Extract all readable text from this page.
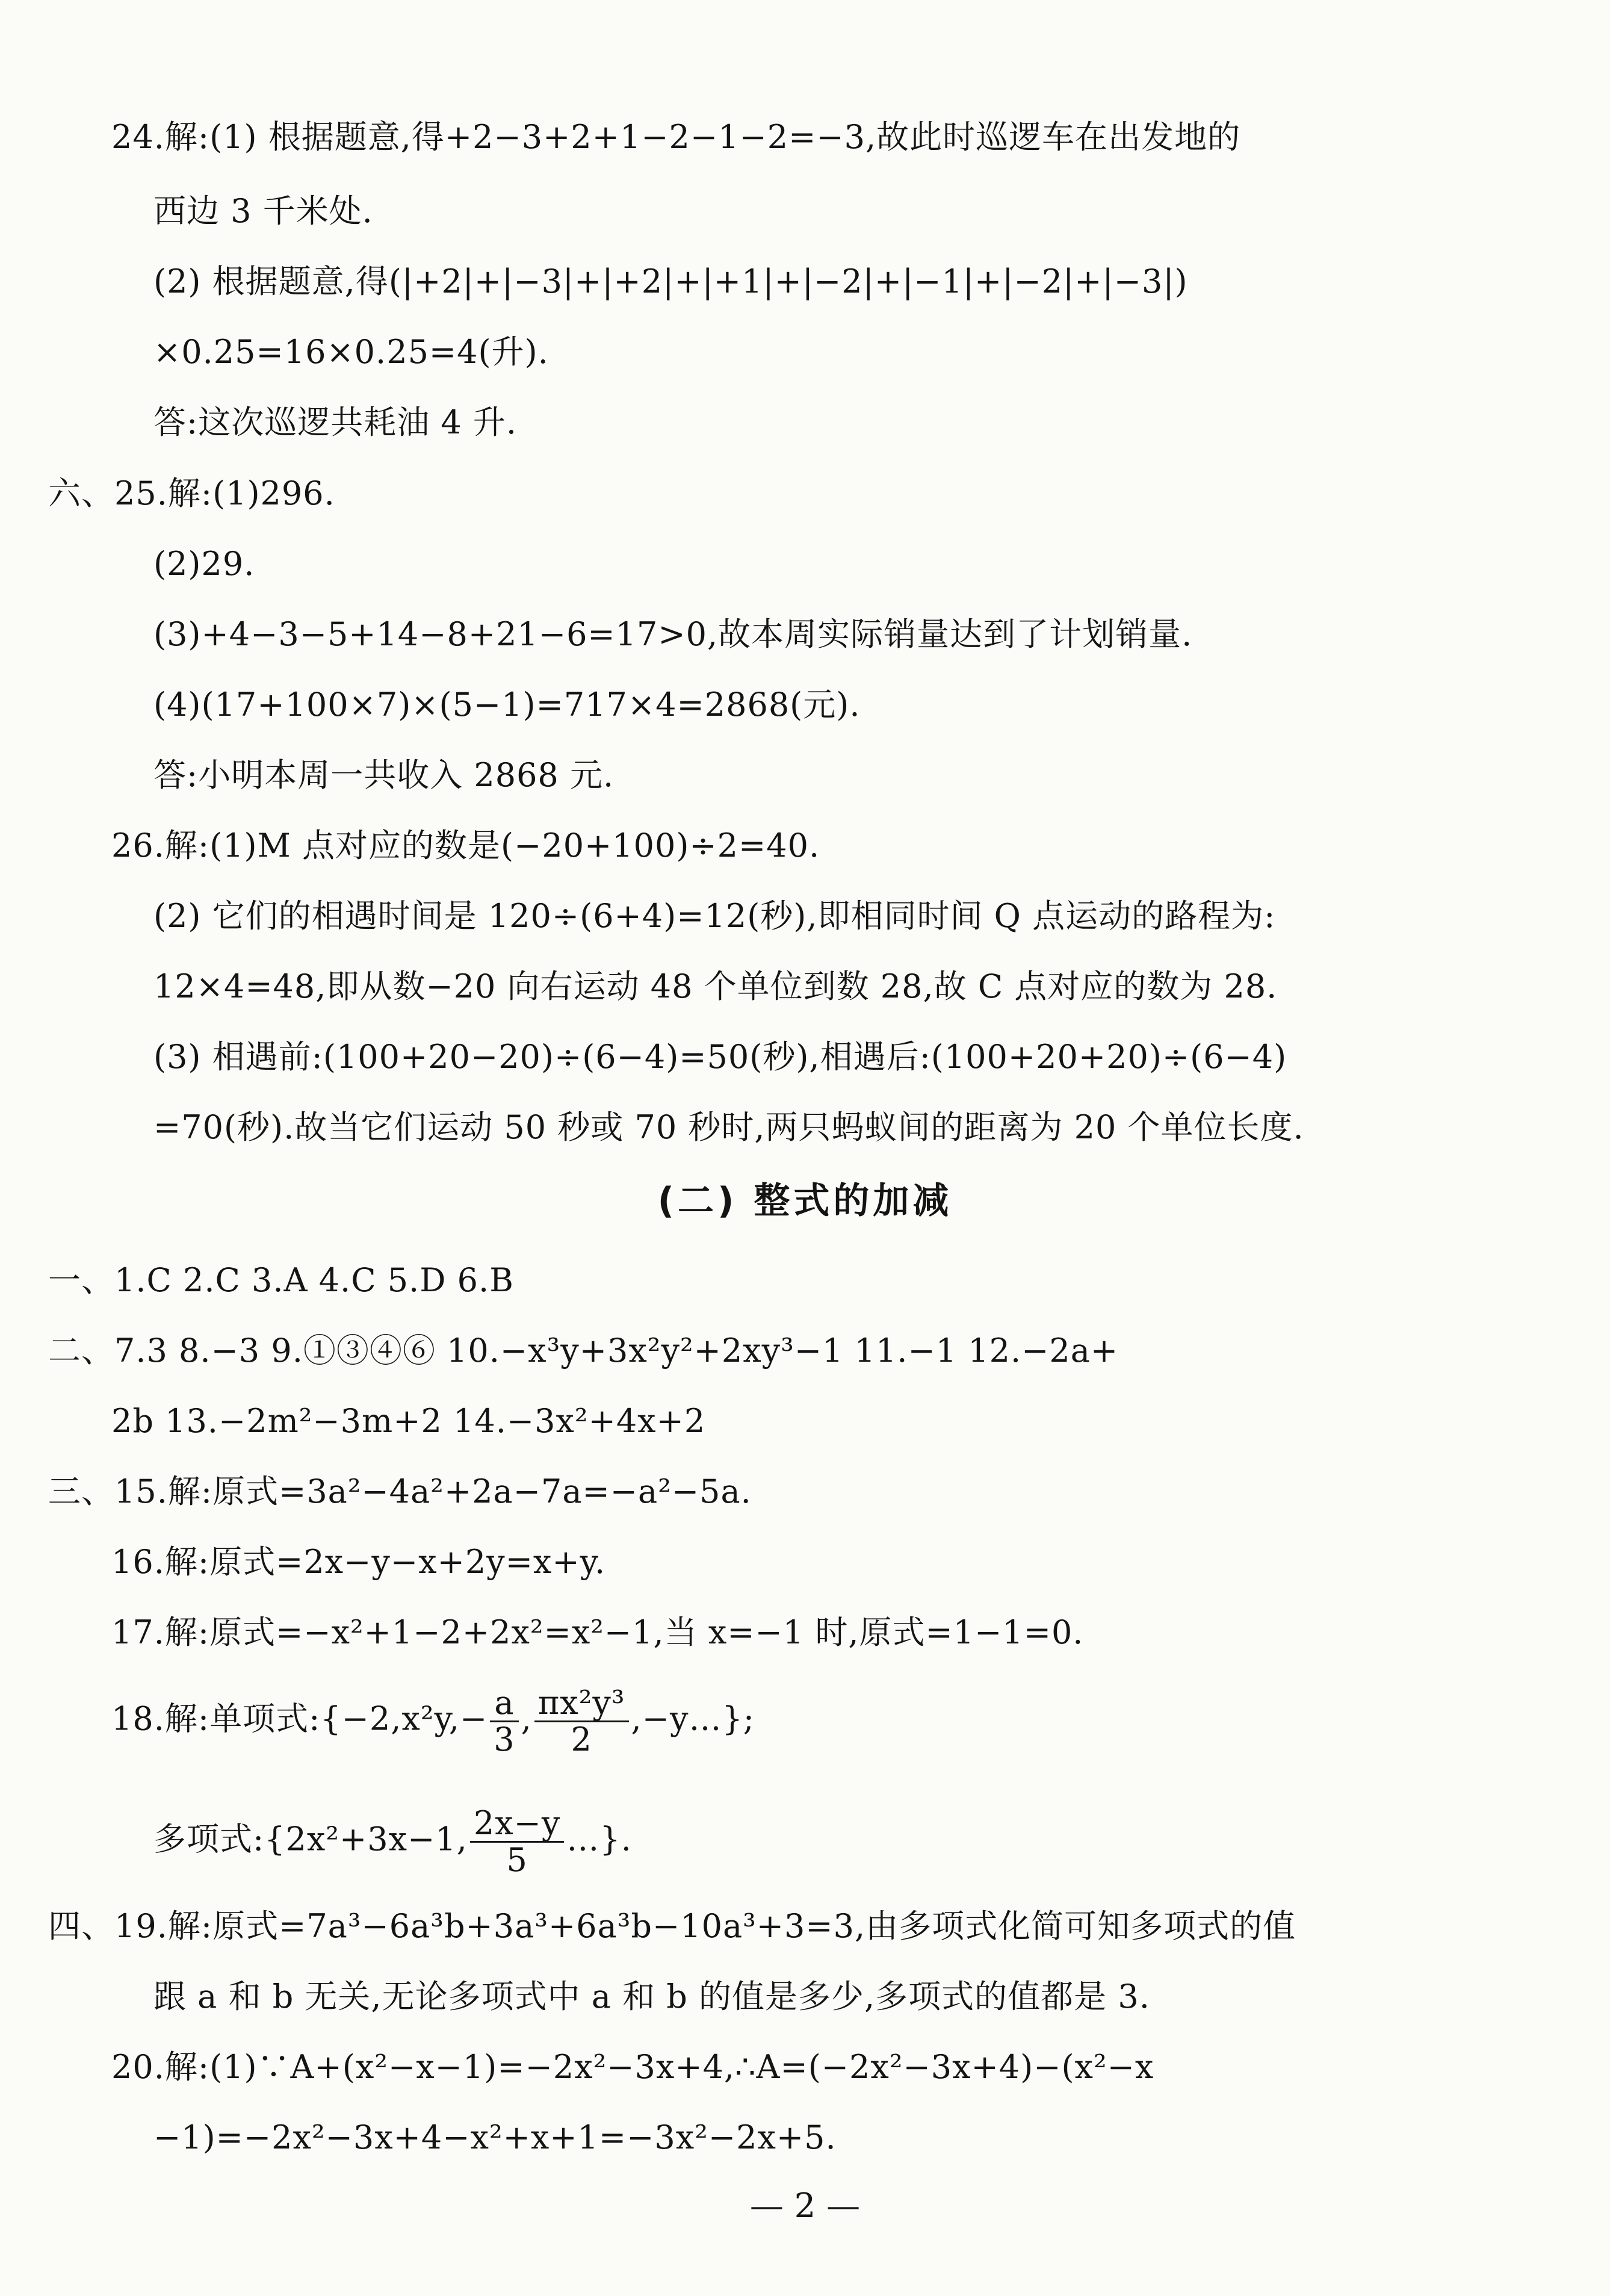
24.解:(1) 根据题意,得+2−3+2+1−2−1−2=−3,故此时巡逻车在出发地的
西边 3 千米处.
(2) 根据题意,得(|+2|+|−3|+|+2|+|+1|+|−2|+|−1|+|−2|+|−3|)
×0.25=16×0.25=4(升).
答:这次巡逻共耗油 4 升.
六、25.解:(1)296.
(2)29.
(3)+4−3−5+14−8+21−6=17>0,故本周实际销量达到了计划销量.
(4)(17+100×7)×(5−1)=717×4=2868(元).
答:小明本周一共收入 2868 元.
26.解:(1)M 点对应的数是(−20+100)÷2=40.
(2) 它们的相遇时间是 120÷(6+4)=12(秒),即相同时间 Q 点运动的路程为:
12×4=48,即从数−20 向右运动 48 个单位到数 28,故 C 点对应的数为 28.
(3) 相遇前:(100+20−20)÷(6−4)=50(秒),相遇后:(100+20+20)÷(6−4)
=70(秒).故当它们运动 50 秒或 70 秒时,两只蚂蚁间的距离为 20 个单位长度.
(二) 整式的加减
一、1.C 2.C 3.A 4.C 5.D 6.B
二、7.3 8.−3 9.①③④⑥ 10.−x³y+3x²y²+2xy³−1 11.−1 12.−2a+
2b 13.−2m²−3m+2 14.−3x²+4x+2
三、15.解:原式=3a²−4a²+2a−7a=−a²−5a.
16.解:原式=2x−y−x+2y=x+y.
17.解:原式=−x²+1−2+2x²=x²−1,当 x=−1 时,原式=1−1=0.
18.解:单项式:{−2,x²y,− $\frac{a}{3}$ , $\frac{\text{πx²y³}}{2}$ ,−y…};
多项式:{2x²+3x−1, $\frac{2x-y}{5}$ …}.
四、19.解:原式=7a³−6a³b+3a³+6a³b−10a³+3=3,由多项式化简可知多项式的值
跟 a 和 b 无关,无论多项式中 a 和 b 的值是多少,多项式的值都是 3.
20.解:(1)∵A+(x²−x−1)=−2x²−3x+4,∴A=(−2x²−3x+4)−(x²−x
−1)=−2x²−3x+4−x²+x+1=−3x²−2x+5.
— 2 —
